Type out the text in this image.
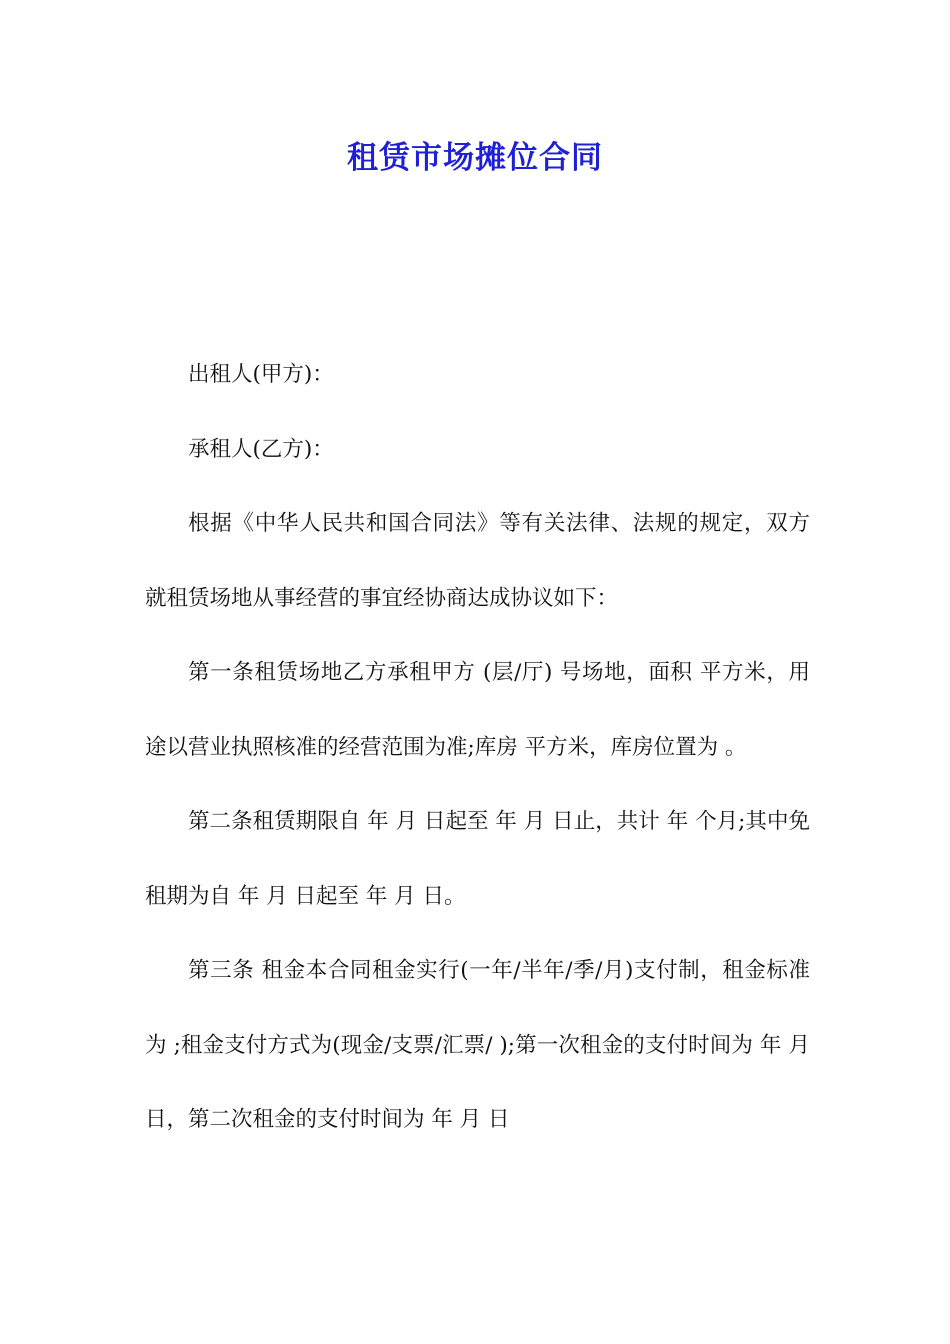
租赁市场摊位合同

出租人(甲方)：

承租人(乙方)：

根据《中华人民共和国合同法》等有关法律、法规的规定，双方就租赁场地从事经营的事宜经协商达成协议如下：

第一条租赁场地乙方承租甲方 (层/厅) 号场地，面积 平方米，用途以营业执照核准的经营范围为准;库房 平方米，库房位置为 。

第二条租赁期限自 年 月 日起至 年 月 日止，共计 年 个月;其中免租期为自 年 月 日起至 年 月 日。

第三条 租金本合同租金实行(一年/半年/季/月)支付制，租金标准为 ;租金支付方式为(现金/支票/汇票/ );第一次租金的支付时间为 年 月 日，第二次租金的支付时间为 年 月 日
